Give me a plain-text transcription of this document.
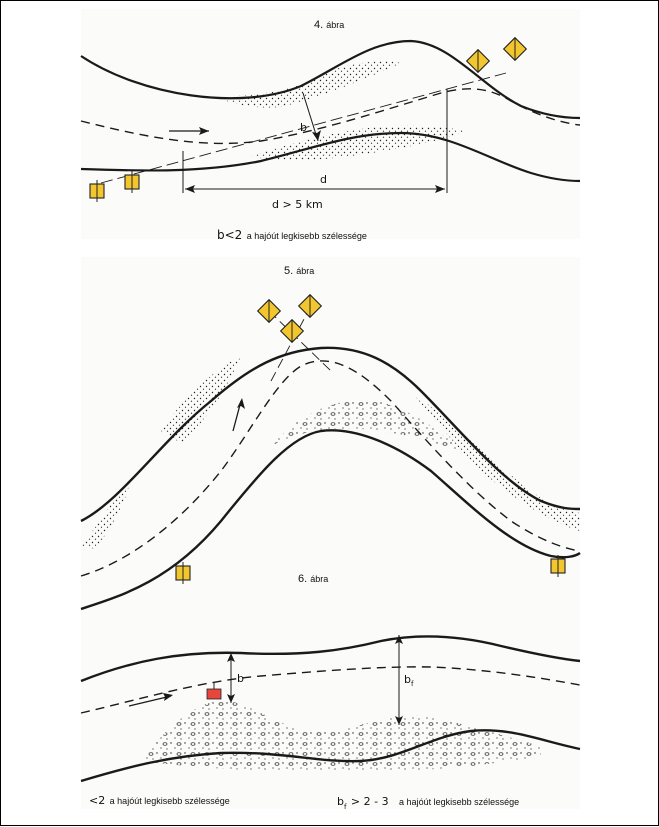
4. ábra
b
d
d > 5 km
b<2 a hajóút legkisebb szélessége
5. ábra
6. ábra
b	$b_f$
<2 a hajóút legkisebb szélessége	$b_f > 2 - 3$ a hajóút legkisebb szélessége
